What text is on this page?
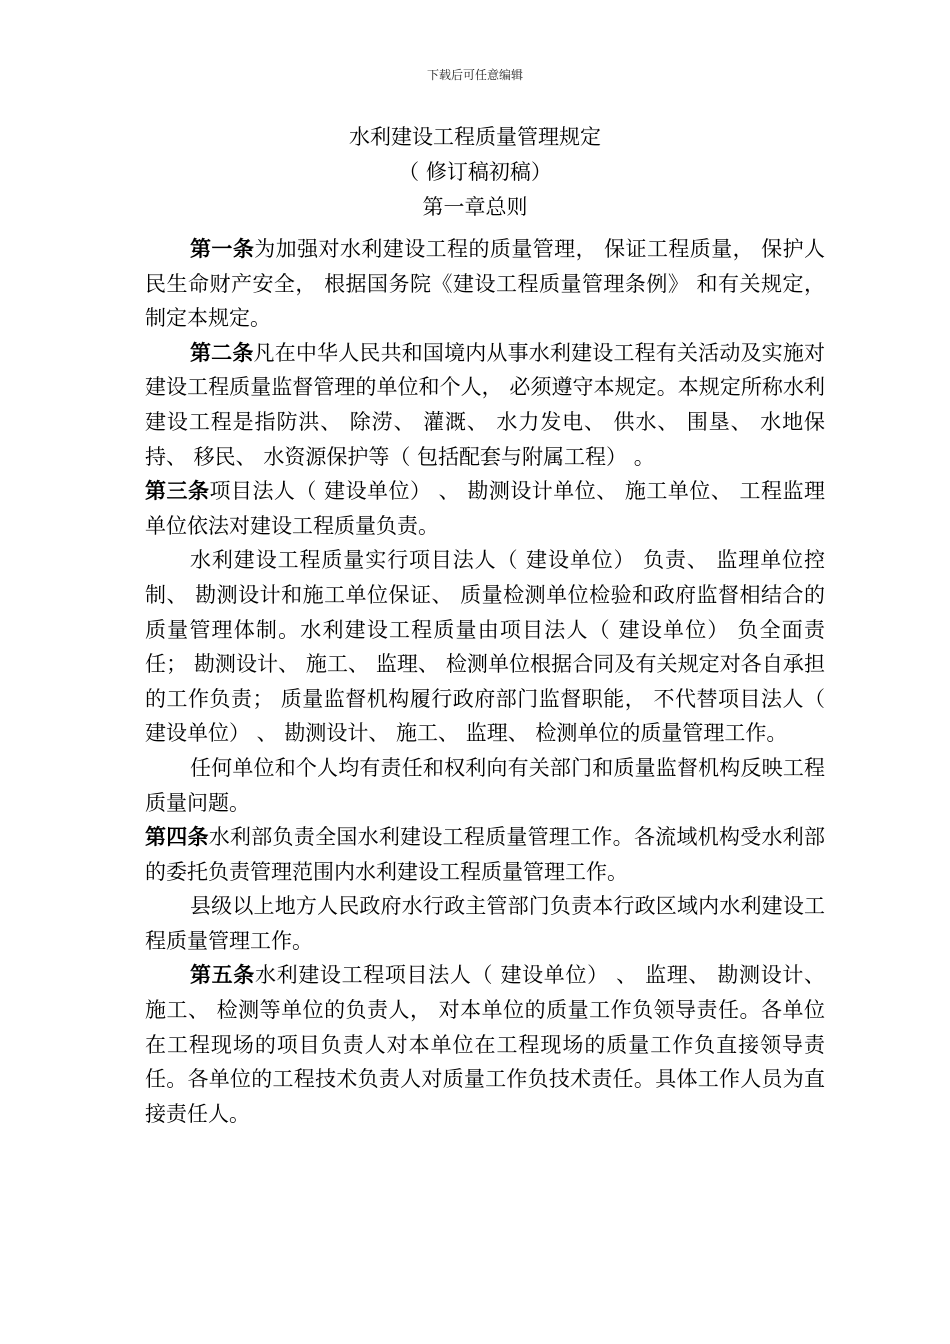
下载后可任意编辑
水利建设工程质量管理规定
（ 修订稿初稿）
第一章总则

第一条为加强对水利建设工程的质量管理， 保证工程质量， 保护人民生命财产安全， 根据国务院《建设工程质量管理条例》 和有关规定， 制定本规定。

第二条凡在中华人民共和国境内从事水利建设工程有关活动及实施对建设工程质量监督管理的单位和个人， 必须遵守本规定。本规定所称水利建设工程是指防洪、 除涝、 灌溉、 水力发电、 供水、 围垦、 水地保持、 移民、 水资源保护等（ 包括配套与附属工程） 。

第三条项目法人（ 建设单位） 、 勘测设计单位、 施工单位、 工程监理单位依法对建设工程质量负责。

水利建设工程质量实行项目法人（ 建设单位） 负责、 监理单位控制、 勘测设计和施工单位保证、 质量检测单位检验和政府监督相结合的质量管理体制。水利建设工程质量由项目法人（ 建设单位） 负全面责任； 勘测设计、 施工、 监理、 检测单位根据合同及有关规定对各自承担的工作负责； 质量监督机构履行政府部门监督职能， 不代替项目法人（ 建设单位） 、 勘测设计、 施工、 监理、 检测单位的质量管理工作。

任何单位和个人均有责任和权利向有关部门和质量监督机构反映工程质量问题。

第四条水利部负责全国水利建设工程质量管理工作。各流域机构受水利部的委托负责管理范围内水利建设工程质量管理工作。

县级以上地方人民政府水行政主管部门负责本行政区域内水利建设工程质量管理工作。

第五条水利建设工程项目法人（ 建设单位） 、 监理、 勘测设计、 施工、 检测等单位的负责人， 对本单位的质量工作负领导责任。各单位在工程现场的项目负责人对本单位在工程现场的质量工作负直接领导责任。各单位的工程技术负责人对质量工作负技术责任。具体工作人员为直接责任人。
